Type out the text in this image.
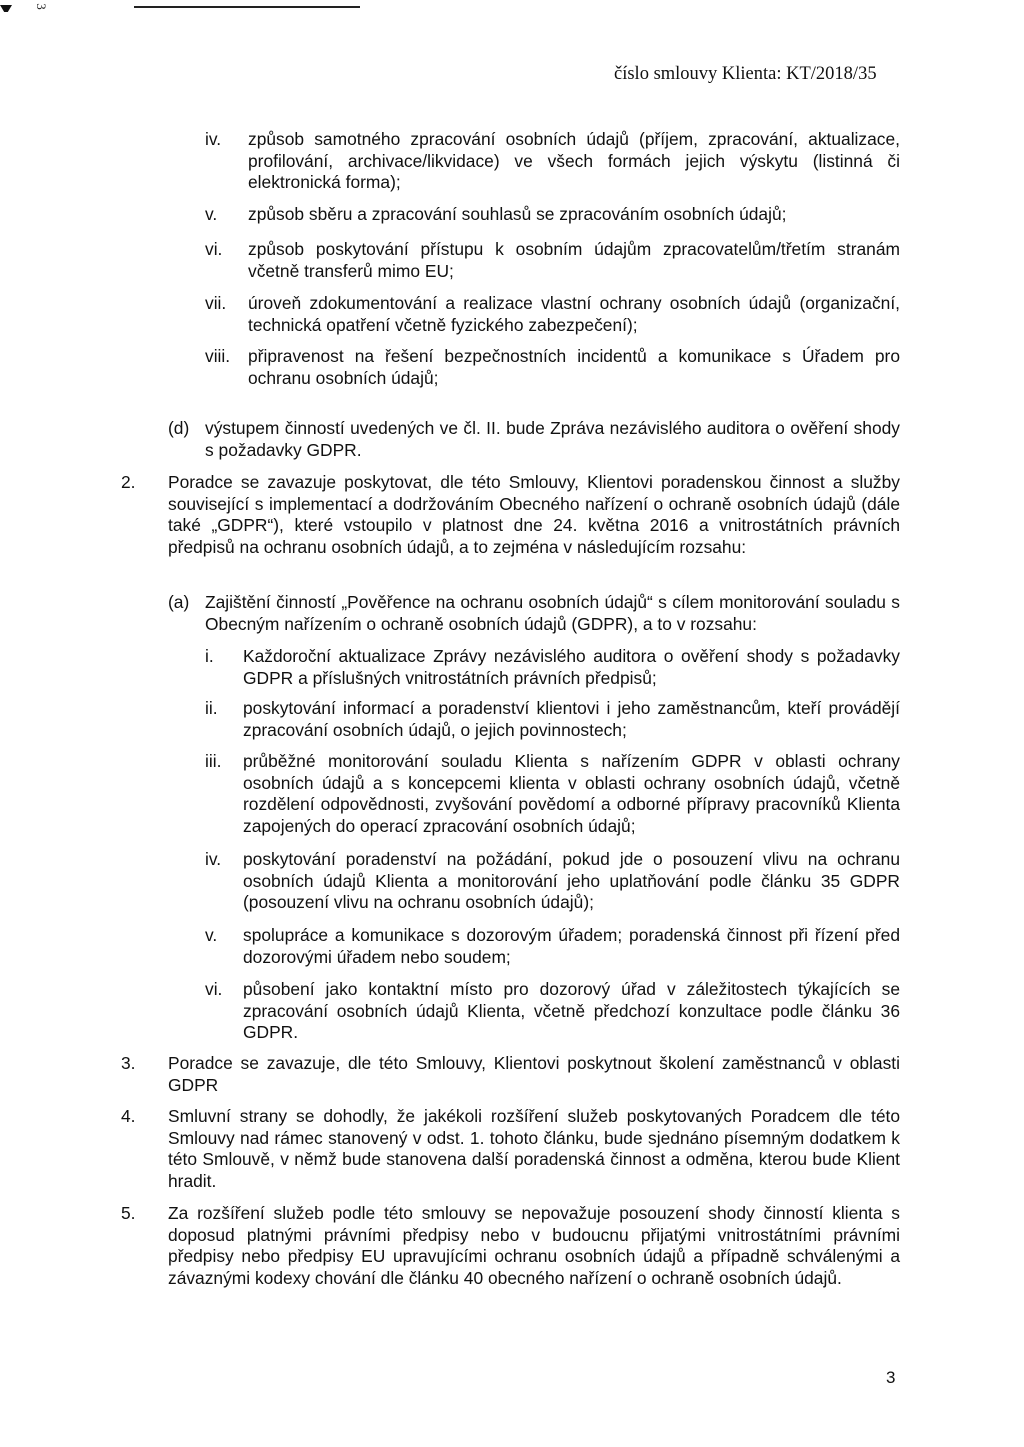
3
číslo smlouvy Klienta: KT/2018/35
iv. způsob samotného zpracování osobních údajů (příjem, zpracování, aktualizace, profilování, archivace/likvidace) ve všech formách jejich výskytu (listinná či elektronická forma);
v. způsob sběru a zpracování souhlasů se zpracováním osobních údajů;
vi. způsob poskytování přístupu k osobním údajům zpracovatelům/třetím stranám včetně transferů mimo EU;
vii. úroveň zdokumentování a realizace vlastní ochrany osobních údajů (organizační, technická opatření včetně fyzického zabezpečení);
viii. připravenost na řešení bezpečnostních incidentů a komunikace s Úřadem pro ochranu osobních údajů;
(d) výstupem činností uvedených ve čl. II. bude Zpráva nezávislého auditora o ověření shody s požadavky GDPR.
2. Poradce se zavazuje poskytovat, dle této Smlouvy, Klientovi poradenskou činnost a služby související s implementací a dodržováním Obecného nařízení o ochraně osobních údajů (dále také „GDPR“), které vstoupilo v platnost dne 24. května 2016 a vnitrostátních právních předpisů na ochranu osobních údajů, a to zejména v následujícím rozsahu:
(a) Zajištění činností „Pověřence na ochranu osobních údajů“ s cílem monitorování souladu s Obecným nařízením o ochraně osobních údajů (GDPR), a to v rozsahu:
i. Každoroční aktualizace Zprávy nezávislého auditora o ověření shody s požadavky GDPR a příslušných vnitrostátních právních předpisů;
ii. poskytování informací a poradenství klientovi i jeho zaměstnancům, kteří provádějí zpracování osobních údajů, o jejich povinnostech;
iii. průběžné monitorování souladu Klienta s nařízením GDPR v oblasti ochrany osobních údajů a s koncepcemi klienta v oblasti ochrany osobních údajů, včetně rozdělení odpovědnosti, zvyšování povědomí a odborné přípravy pracovníků Klienta zapojených do operací zpracování osobních údajů;
iv. poskytování poradenství na požádání, pokud jde o posouzení vlivu na ochranu osobních údajů Klienta a monitorování jeho uplatňování podle článku 35 GDPR (posouzení vlivu na ochranu osobních údajů);
v. spolupráce a komunikace s dozorovým úřadem; poradenská činnost při řízení před dozorovými úřadem nebo soudem;
vi. působení jako kontaktní místo pro dozorový úřad v záležitostech týkajících se zpracování osobních údajů Klienta, včetně předchozí konzultace podle článku 36 GDPR.
3. Poradce se zavazuje, dle této Smlouvy, Klientovi poskytnout školení zaměstnanců v oblasti GDPR
4. Smluvní strany se dohodly, že jakékoli rozšíření služeb poskytovaných Poradcem dle této Smlouvy nad rámec stanovený v odst. 1. tohoto článku, bude sjednáno písemným dodatkem k této Smlouvě, v němž bude stanovena další poradenská činnost a odměna, kterou bude Klient hradit.
5. Za rozšíření služeb podle této smlouvy se nepovažuje posouzení shody činností klienta s doposud platnými právními předpisy nebo v budoucnu přijatými vnitrostátními právními předpisy nebo předpisy EU upravujícími ochranu osobních údajů a případně schválenými a závaznými kodexy chování dle článku 40 obecného nařízení o ochraně osobních údajů.
3
